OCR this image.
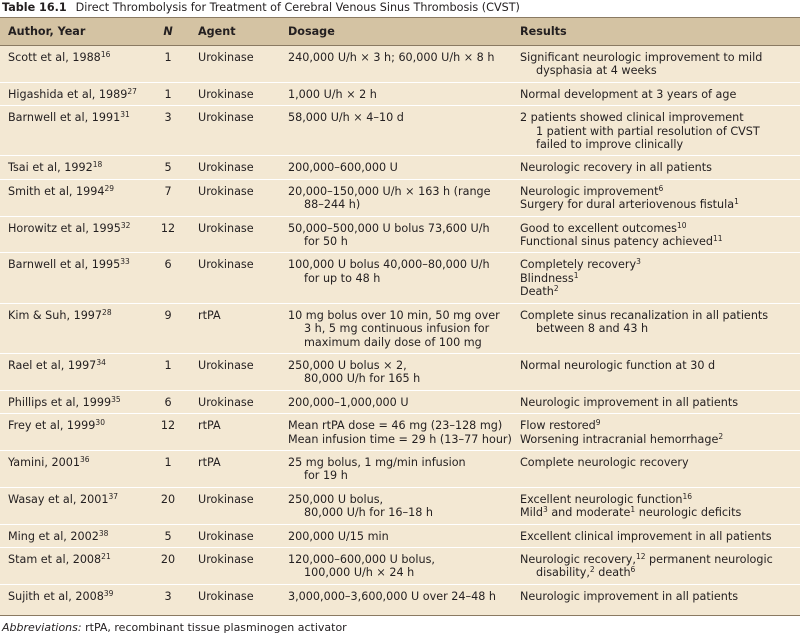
Table 16.1 Direct Thrombolysis for Treatment of Cerebral Venous Sinus Thrombosis (CVST)
Author, Year	N	Agent	Dosage	Results
Scott et al, 1988$^{16}$	1	Urokinase	240,000 U/h × 3 h; 60,000 U/h × 8 h	Significant neurologic improvement to mild
dysphasia at 4 weeks

Higashida et al, 1989$^{27}$	1	Urokinase	1,000 U/h × 2 h	Normal development at 3 years of age

Barnwell et al, 1991$^{31}$	3	Urokinase	58,000 U/h × 4–10 d	2 patients showed clinical improvement
1 patient with partial resolution of CVST
failed to improve clinically

Tsai et al, 1992$^{18}$	5	Urokinase	200,000–600,000 U	Neurologic recovery in all patients

Smith et al, 1994$^{29}$	7	Urokinase	20,000–150,000 U/h × 163 h (range
88–244 h)	Neurologic improvement$^6$
Surgery for dural arteriovenous fistula$^1$

Horowitz et al, 1995$^{32}$	12	Urokinase	50,000–500,000 U bolus 73,600 U/h
for 50 h	Good to excellent outcomes$^{10}$
Functional sinus patency achieved$^{11}$

Barnwell et al, 1995$^{33}$	6	Urokinase	100,000 U bolus 40,000–80,000 U/h
for up to 48 h	Completely recovery$^3$
Blindness$^1$
Death$^2$

Kim & Suh, 1997$^{28}$	9	rtPA	10 mg bolus over 10 min, 50 mg over
3 h, 5 mg continuous infusion for
maximum daily dose of 100 mg	Complete sinus recanalization in all patients
between 8 and 43 h

Rael et al, 1997$^{34}$	1	Urokinase	250,000 U bolus × 2,
80,000 U/h for 165 h	Normal neurologic function at 30 d

Phillips et al, 1999$^{35}$	6	Urokinase	200,000–1,000,000 U	Neurologic improvement in all patients

Frey et al, 1999$^{30}$	12	rtPA	Mean rtPA dose = 46 mg (23–128 mg)
Mean infusion time = 29 h (13–77 hour)	Flow restored$^9$
Worsening intracranial hemorrhage$^2$

Yamini, 2001$^{36}$	1	rtPA	25 mg bolus, 1 mg/min infusion
for 19 h	Complete neurologic recovery

Wasay et al, 2001$^{37}$	20	Urokinase	250,000 U bolus,
80,000 U/h for 16–18 h	Excellent neurologic function$^{16}$
Mild$^3$ and moderate$^1$ neurologic deficits

Ming et al, 2002$^{38}$	5	Urokinase	200,000 U/15 min	Excellent clinical improvement in all patients

Stam et al, 2008$^{21}$	20	Urokinase	120,000–600,000 U bolus,
100,000 U/h × 24 h	Neurologic recovery,$^{12}$ permanent neurologic
disability,$^2$ death$^6$

Sujith et al, 2008$^{39}$	3	Urokinase	3,000,000–3,600,000 U over 24–48 h	Neurologic improvement in all patients
Abbreviations: rtPA, recombinant tissue plasminogen activator
